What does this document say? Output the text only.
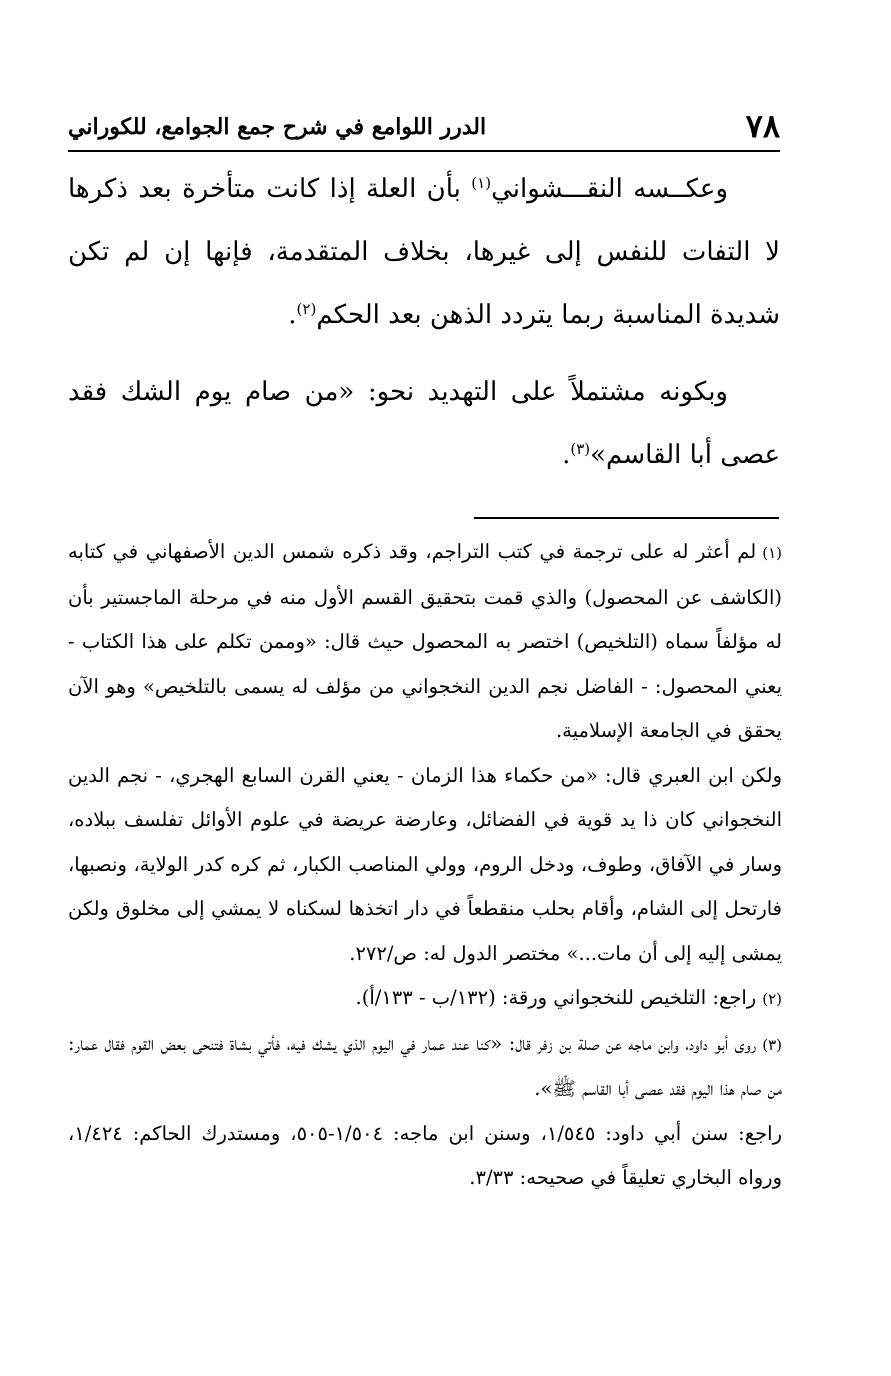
٧٨
الدرر اللوامع في شرح جمع الجوامع، للكوراني

وعكــسه النقـــشواني$^{(١)}$ بأن العلة إذا كانت متأخرة بعد ذكرها لا التفات للنفس إلى غيرها، بخلاف المتقدمة، فإنها إن لم تكن شديدة المناسبة ربما يتردد الذهن بعد الحكم$^{(٢)}$.

وبكونه مشتملاً على التهديد نحو: «من صام يوم الشك فقد عصى أبا القاسم»$^{(٣)}$.

(١)لم أعثر له على ترجمة في كتب التراجم، وقد ذكره شمس الدين الأصفهاني في كتابه (الكاشف عن المحصول) والذي قمت بتحقيق القسم الأول منه في مرحلة الماجستير بأن له مؤلفاً سماه (التلخيص) اختصر به المحصول حيث قال: «وممن تكلم على هذا الكتاب - يعني المحصول: - الفاضل نجم الدين النخجواني من مؤلف له يسمى بالتلخيص» وهو الآن يحقق في الجامعة الإسلامية.

ولكن ابن العبري قال: «من حكماء هذا الزمان - يعني القرن السابع الهجري، - نجم الدين النخجواني كان ذا يد قوية في الفضائل، وعارضة عريضة في علوم الأوائل تفلسف ببلاده، وسار في الآفاق، وطوف، ودخل الروم، وولي المناصب الكبار، ثم كره كدر الولاية، ونصبها، فارتحل إلى الشام، وأقام بحلب منقطعاً في دار اتخذها لسكناه لا يمشي إلى مخلوق ولكن يمشى إليه إلى أن مات...» مختصر الدول له: ص/٢٧٢.

(٢)راجع: التلخيص للنخجواني ورقة: (١٣٢/ب - ١٣٣/أ).

(٣)روى أبو داود، وابن ماجه عن صلة بن زفر قال: «كنا عند عمار في اليوم الذي يشك فيه، فأتي بشاة فتنحى بعض القوم فقال عمار: من صام هذا اليوم فقد عصى أبا القاسم ﷺ».

راجع: سنن أبي داود: ١/٥٤٥، وسنن ابن ماجه: ١/٥٠٤-٥٠٥، ومستدرك الحاكم: ١/٤٢٤، ورواه البخاري تعليقاً في صحيحه: ٣/٣٣.
